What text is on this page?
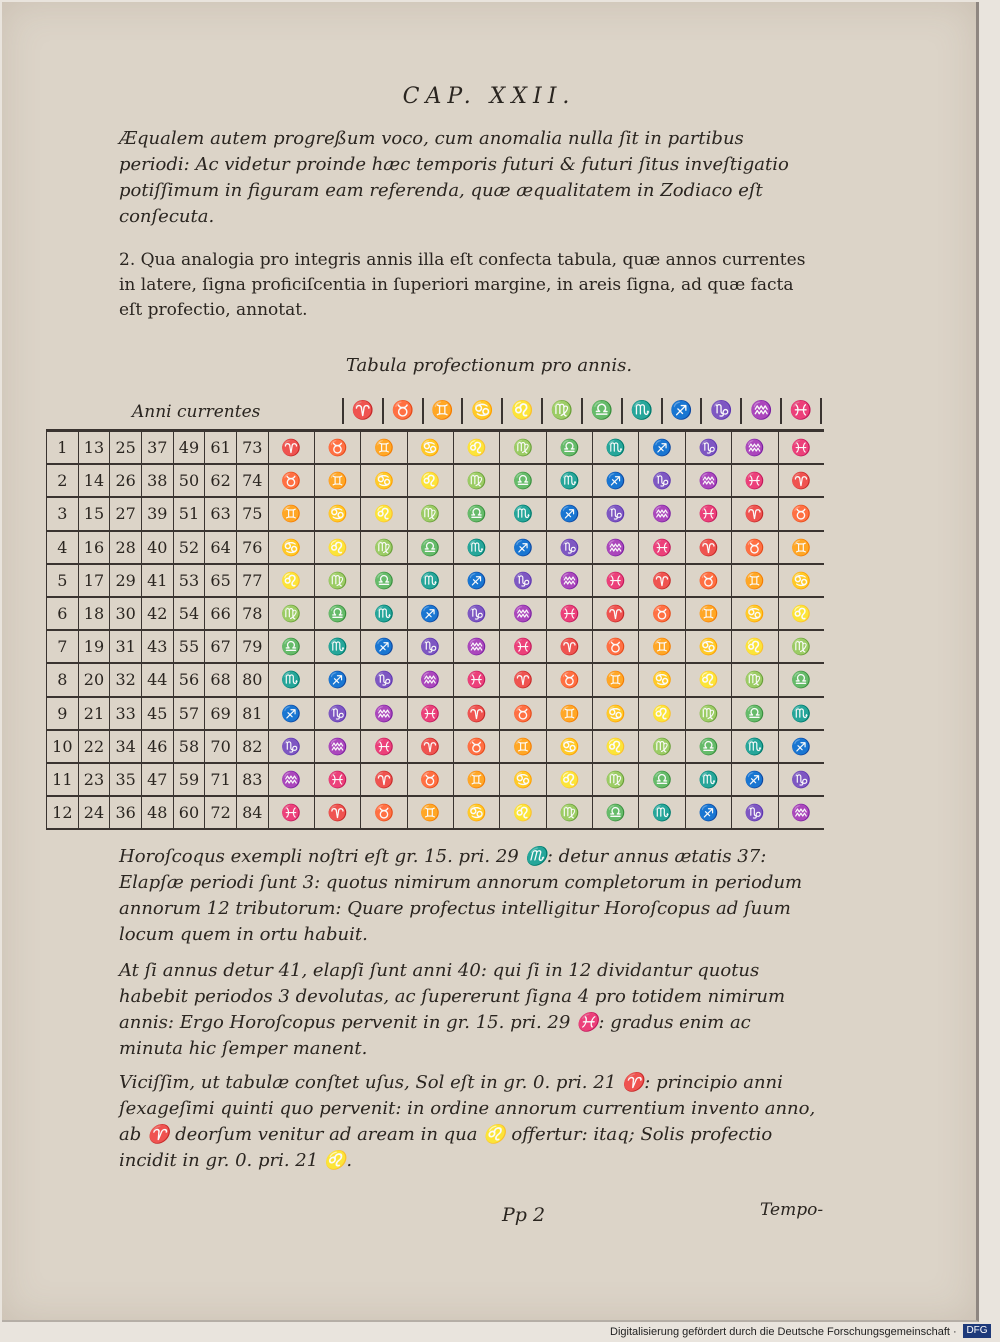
CAP. XXII.

Æqualem autem progreßum voco, cum anomalia nulla ſit in partibus periodi: Ac videtur proinde hæc temporis futuri & futuri ſitus inveſtigatio potiſſimum in figuram eam referenda, quæ æqualitatem in Zodiaco eſt conſecuta.

2. Qua analogia pro integris annis illa eſt confecta tabula, quæ annos currentes in latere, ſigna proficiſcentia in ſuperiori margine, in areis ſigna, ad quæ facta eſt profectio, annotat.

Tabula profectionum pro annis.
Anni currentes	♈ ♉ ♊ ♋ ♌ ♍ ♎ ♏ ♐ ♑ ♒ ♓
1	13	25	37	49	61	73	♈	♉	♊	♋	♌	♍	♎	♏	♐	♑	♒	♓
2	14	26	38	50	62	74	♉	♊	♋	♌	♍	♎	♏	♐	♑	♒	♓	♈
3	15	27	39	51	63	75	♊	♋	♌	♍	♎	♏	♐	♑	♒	♓	♈	♉
4	16	28	40	52	64	76	♋	♌	♍	♎	♏	♐	♑	♒	♓	♈	♉	♊
5	17	29	41	53	65	77	♌	♍	♎	♏	♐	♑	♒	♓	♈	♉	♊	♋
6	18	30	42	54	66	78	♍	♎	♏	♐	♑	♒	♓	♈	♉	♊	♋	♌
7	19	31	43	55	67	79	♎	♏	♐	♑	♒	♓	♈	♉	♊	♋	♌	♍
8	20	32	44	56	68	80	♏	♐	♑	♒	♓	♈	♉	♊	♋	♌	♍	♎
9	21	33	45	57	69	81	♐	♑	♒	♓	♈	♉	♊	♋	♌	♍	♎	♏
10	22	34	46	58	70	82	♑	♒	♓	♈	♉	♊	♋	♌	♍	♎	♏	♐
11	23	35	47	59	71	83	♒	♓	♈	♉	♊	♋	♌	♍	♎	♏	♐	♑
12	24	36	48	60	72	84	♓	♈	♉	♊	♋	♌	♍	♎	♏	♐	♑	♒

Horoſcoqus exempli noſtri eſt gr. 15. pri. 29 ♏: detur annus ætatis 37: Elapſæ periodi ſunt 3: quotus nimirum annorum completorum in periodum annorum 12 tributorum: Quare profectus intelligitur Horoſcopus ad ſuum locum quem in ortu habuit.

At ſi annus detur 41, elapſi ſunt anni 40: qui ſi in 12 dividantur quotus habebit periodos 3 devolutas, ac ſupererunt ſigna 4 pro totidem nimirum annis: Ergo Horoſcopus pervenit in gr. 15. pri. 29 ♓: gradus enim ac minuta hic ſemper manent.

Viciſſim, ut tabulæ conſtet uſus, Sol eſt in gr. 0. pri. 21 ♈: principio anni ſexageſimi quinti quo pervenit: in ordine annorum currentium invento anno, ab ♈ deorſum venitur ad aream in qua ♌ offertur: itaq; Solis profectio incidit in gr. 0. pri. 21 ♌.

Pp 2	Tempo-
Digitalisierung gefördert durch die Deutsche Forschungsgemeinschaft · DFG
